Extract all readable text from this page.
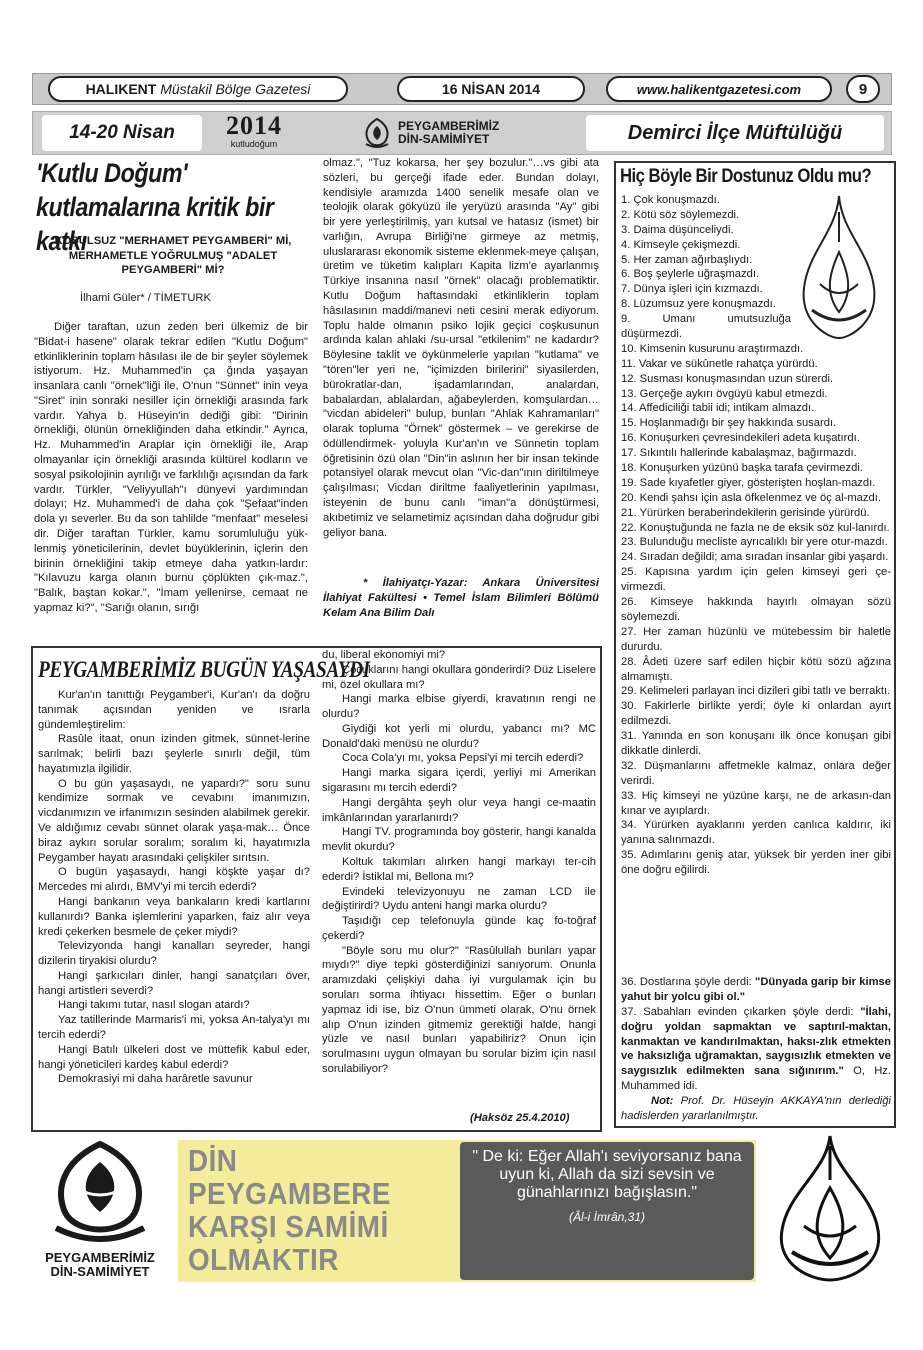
HALIKENT
Müstakil Bölge Gazetesi	16 NİSAN 2014	www.halikentgazetesi.com	9
14-20 Nisan	2014
kutludoğum
PEYGAMBERİMİZ
DİN-SAMİMİYET	Demirci İlçe Müftülüğü
'Kutlu Doğum'
kutlamalarına kritik bir katkı
KOŞULSUZ "MERHAMET PEYGAMBERİ" Mİ, MERHAMETLE YOĞRULMUŞ "ADALET PEYGAMBERİ" Mİ?
İlhami Güler* / TİMETURK

Diğer taraftan, uzun zeden beri ülkemiz de bir "Bidat-i hasene" olarak tekrar edilen "Kutlu Doğum" etkinliklerinin toplam hâsılası ile de bir şeyler söylemek istiyorum. Hz. Muhammed'in ça ğında yaşayan insanlara canlı "örnek"liği ile, O'nun "Sünnet" inin veya "Siret" inin sonraki nesiller için örnekliği arasında fark vardır. Yahya b. Hüseyin'in dediği gibi: "Dirinin örnekliği, ölünün örnekliğinden daha etkindir." Ayrıca, Hz. Muhammed'in Araplar için örnekliği ile, Arap olmayanlar için örnekliği arasında kültürel kodların ve sosyal psikolojinin ayrılığı ve farklılığı açısından da fark vardır. Türkler, "Veliyyullah"ı dünyevi yardımından dolayı; Hz. Muhammed'i de daha çok "Şefaat"inden dola yı severler. Bu da son tahlilde "menfaat" meselesi dir. Diğer taraftan Türkler, kamu sorumluluğu yük-lenmiş yöneticilerinin, devlet büyüklerinin, içlerin den birinin örnekliğini takip etmeye daha yatkın-lardır: "Kılavuzu karga olanın burnu çöplükten çık-maz.", "Balık, baştan kokar.", "İmam yellenirse, cemaat ne yapmaz ki?", "Sarığı olanın, sırığı

olmaz.", "Tuz kokarsa, her şey bozulur."…vs gibi ata sözleri, bu gerçeği ifade eder. Bundan dolayı, kendisiyle aramızda 1400 senelik mesafe olan ve teolojik olarak gökyüzü ile yeryüzü arasında "Ay" gibi bir yere yerleştirilmiş, yarı kutsal ve hatasız (ismet) bir varlığın, Avrupa Birliği'ne girmeye az metmiş, uluslararası ekonomik sisteme eklenmek-meye çalışan, üretim ve tüketim kalıpları Kapita lizm'e ayarlanmış Türkiye insanına nasıl "örnek" olacağı problematiktir. Kutlu Doğum haftasındaki etkinliklerin toplam hâsılasının maddi/manevi neti cesini merak ediyorum. Toplu halde olmanın psiko lojik geçici coşkusunun ardında kalan ahlaki /su-ursal "etkilenim" ne kadardır? Böylesine taklit ve öykünmelerle yapılan "kutlama" ve "tören"ler yeri ne, "içimizden birilerini" siyasilerden, bürokratlar-dan, işadamlarından, analardan, babalardan, ablalardan, ağabeylerden, komşulardan… "vicdan abideleri" bulup, bunları "Ahlak Kahramanları" olarak topluma "Örnek" göstermek – ve gerekirse de ödüllendirmek- yoluyla Kur'an'ın ve Sünnetin toplam öğretisinin özü olan "Din"in aslının her bir insan tekinde potansiyel olarak mevcut olan "Vic-dan"ının diriltilmeye çalışılması; Vicdan diriltme faaliyetlerinin yapılması, isteyenin de bunu canlı "iman"a dönüştürmesi, akıbetimiz ve selametimiz açısından daha doğrudur gibi geliyor bana.

* İlahiyatçı-Yazar: Ankara Üniversitesi İlahiyat Fakültesi • Temel İslam Bilimleri Bölümü Kelam Ana Bilim Dalı
Hiç Böyle Bir Dostunuz Oldu mu?
1. Çok konuşmazdı.
2. Kötü söz söylemezdi.
3. Daima düşünceliydi.
4. Kimseyle çekişmezdi.
5. Her zaman ağırbaşlıydı.
6. Boş şeylerle uğraşmazdı.
7. Dünya işleri için kızmazdı.
8. Lüzumsuz yere konuşmazdı.
9. Umanı umutsuzluğa düşürmezdi.
10. Kimsenin kusurunu araştırmazdı.
11. Vakar ve sükûnetle rahatça yürürdü.
12. Susması konuşmasından uzun sürerdi.
13. Gerçeğe aykırı övgüyü kabul etmezdi.
14. Affediciliği tabii idi; intikam almazdı.
15. Hoşlanmadığı bir şey hakkında susardı.
16. Konuşurken çevresindekileri adeta kuşatırdı.
17. Sıkıntılı hallerinde kabalaşmaz, bağırmazdı.
18. Konuşurken yüzünü başka tarafa çevirmezdi.
19. Sade kıyafetler giyer, gösterişten hoşlan-mazdı.
20. Kendi şahsı için asla öfkelenmez ve öç al-mazdı.
21. Yürürken beraberindekilerin gerisinde yürürdü.
22. Konuştuğunda ne fazla ne de eksik söz kul-lanırdı.
23. Bulunduğu mecliste ayrıcalıklı bir yere otur-mazdı.
24. Sıradan değildi; ama sıradan insanlar gibi yaşardı.
25. Kapısına yardım için gelen kimseyi geri çe-virmezdi.
26. Kimseye hakkında hayırlı olmayan sözü söylemezdi.
27. Her zaman hüzünlü ve mütebessim bir haletle dururdu.
28. Âdeti üzere sarf edilen hiçbir kötü sözü ağzına almamıştı.
29. Kelimeleri parlayan inci dizileri gibi tatlı ve berraktı.
30. Fakirlerle birlikte yerdi; öyle ki onlardan ayırt edilmezdi.
31. Yanında en son konuşanı ilk önce konuşan gibi dikkatle dinlerdi.
32. Düşmanlarını affetmekle kalmaz, onlara değer verirdi.
33. Hiç kimseyi ne yüzüne karşı, ne de arkasın-dan kınar ve ayıplardı.
34. Yürürken ayaklarını yerden canlıca kaldırır, iki yanına salınmazdı.
35. Adımlarını geniş atar, yüksek bir yerden iner gibi öne doğru eğilirdi.
36. Dostlarına şöyle derdi: "Dünyada garip bir kimse yahut bir yolcu gibi ol."
37. Sabahları evinden çıkarken şöyle derdi: "İlahi, doğru yoldan sapmaktan ve saptırıl-maktan, kanmaktan ve kandırılmaktan, haksı-zlık etmekten ve haksızlığa uğramaktan, saygısızlık etmekten ve saygısızlık edilmekten sana sığınırım." O, Hz. Muhammed idi.
Not: Prof. Dr. Hüseyin AKKAYA'nın derlediği hadislerden yararlanılmıştır.
PEYGAMBERİMİZ BUGÜN YAŞASAYDI

Kur'an'ın tanıttığı Peygamber'i, Kur'an'ı da doğru tanımak açısından yeniden ve ısrarla gündemleştirelim:

Rasûle itaat, onun izinden gitmek, sünnet-lerine sarılmak; belirli bazı şeylerle sınırlı değil, tüm hayatımızla ilgilidir.

O bu gün yaşasaydı, ne yapardı?" soru sunu kendimize sormak ve cevabını imanımızın, vicdanımızın ve irfanımızın sesinden alabilmek gerekir. Ve aldığımız cevabı sünnet olarak yaşa-mak… Önce biraz aykırı sorular soralım; soralım ki, hayatımızla Peygamber hayatı arasındaki çelişkiler sırıtsın.

O bugün yaşasaydı, hangi köşkte yaşar dı? Mercedes mi alırdı, BMV'yi mi tercih ederdi?

Hangi bankanın veya bankaların kredi kartlarını kullanırdı? Banka işlemlerini yaparken, faiz alır veya kredi çekerken besmele de çeker miydi?

Televizyonda hangi kanalları seyreder, hangi dizilerin tiryakisi olurdu?

Hangi şarkıcıları dinler, hangi sanatçıları över, hangi artistleri severdi?

Hangi takımı tutar, nasıl slogan atardı?

Yaz tatillerinde Marmaris'i mi, yoksa An-talya'yı mı tercih ederdi?

Hangi Batılı ülkeleri dost ve müttefik kabul eder, hangi yöneticileri kardeş kabul ederdi?

Demokrasiyi mi daha harâretle savunur

du, liberal ekonomiyi mi?

Çocuklarını hangi okullara gönderirdi? Düz Liselere mi, özel okullara mı?

Hangi marka elbise giyerdi, kravatının rengi ne olurdu?

Giydiği kot yerli mi olurdu, yabancı mı? MC Donald'daki menüsü ne olurdu?

Coca Cola'yı mı, yoksa Pepsi'yi mi tercih ederdi?

Hangi marka sigara içerdi, yerliyi mi Amerikan sigarasını mı tercih ederdi?

Hangi dergâhta şeyh olur veya hangi ce-maatin imkânlarından yararlanırdı?

Hangi TV. programında boy gösterir, hangi kanalda mevlit okurdu?

Koltuk takımları alırken hangi markayı ter-cih ederdi? İstiklal mi, Bellona mı?

Evindeki televizyonuyu ne zaman LCD ile değiştirirdi? Uydu anteni hangi marka olurdu?

Taşıdığı cep telefonuyla günde kaç fo-toğraf çekerdi?

"Böyle soru mu olur?" "Rasûlullah bunları yapar mıydı?" diye tepki gösterdiğinizi sanıyorum. Onunla aramızdaki çelişkiyi daha iyi vurgulamak için bu soruları sorma ihtiyacı hissettim. Eğer o bunları yapmaz idi ise, biz O'nun ümmeti olarak, O'nu örnek alıp O'nun izinden gitmemiz gerektiği halde, hangi yüzle ve nasıl bunları yapabiliriz? Onun için sorulmasını uygun olmayan bu sorular bizim için nasıl sorulabiliyor?

(Haksöz 25.4.2010)
PEYGAMBERİMİZ
DİN-SAMİMİYET
DİN
PEYGAMBERE
KARŞI SAMİMİ
OLMAKTIR
" De ki: Eğer Allah'ı seviyorsanız bana uyun ki, Allah da sizi sevsin ve günahlarınızı bağışlasın."
(Âl-i İmrân,31)
